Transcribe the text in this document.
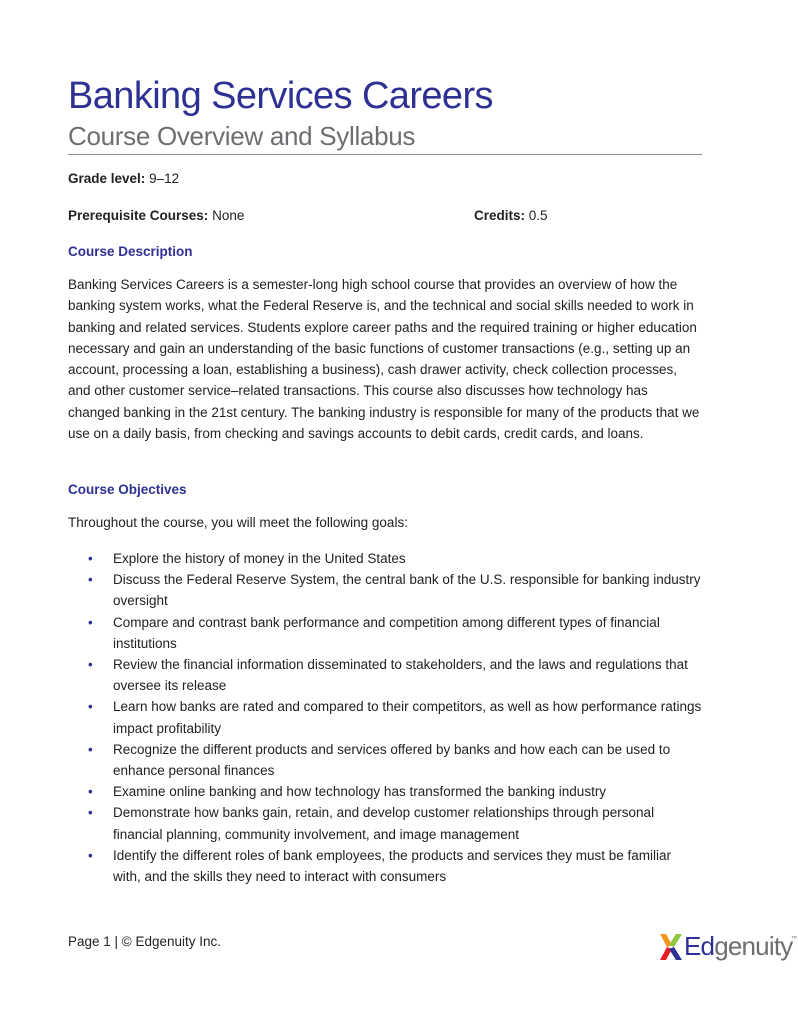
Banking Services Careers
Course Overview and Syllabus
Grade level: 9–12
Prerequisite Courses: None	Credits: 0.5
Course Description

Banking Services Careers is a semester-long high school course that provides an overview of how the banking system works, what the Federal Reserve is, and the technical and social skills needed to work in banking and related services. Students explore career paths and the required training or higher education necessary and gain an understanding of the basic functions of customer transactions (e.g., setting up an account, processing a loan, establishing a business), cash drawer activity, check collection processes, and other customer service–related transactions. This course also discusses how technology has changed banking in the 21st century. The banking industry is responsible for many of the products that we use on a daily basis, from checking and savings accounts to debit cards, credit cards, and loans.

Course Objectives

Throughout the course, you will meet the following goals:

• Explore the history of money in the United States
• Discuss the Federal Reserve System, the central bank of the U.S. responsible for banking industry oversight
• Compare and contrast bank performance and competition among different types of financial institutions
• Review the financial information disseminated to stakeholders, and the laws and regulations that oversee its release
• Learn how banks are rated and compared to their competitors, as well as how performance ratings impact profitability
• Recognize the different products and services offered by banks and how each can be used to enhance personal finances
• Examine online banking and how technology has transformed the banking industry
• Demonstrate how banks gain, retain, and develop customer relationships through personal financial planning, community involvement, and image management
• Identify the different roles of bank employees, the products and services they must be familiar with, and the skills they need to interact with consumers
Page 1 | © Edgenuity Inc.	Edgenuity
™
